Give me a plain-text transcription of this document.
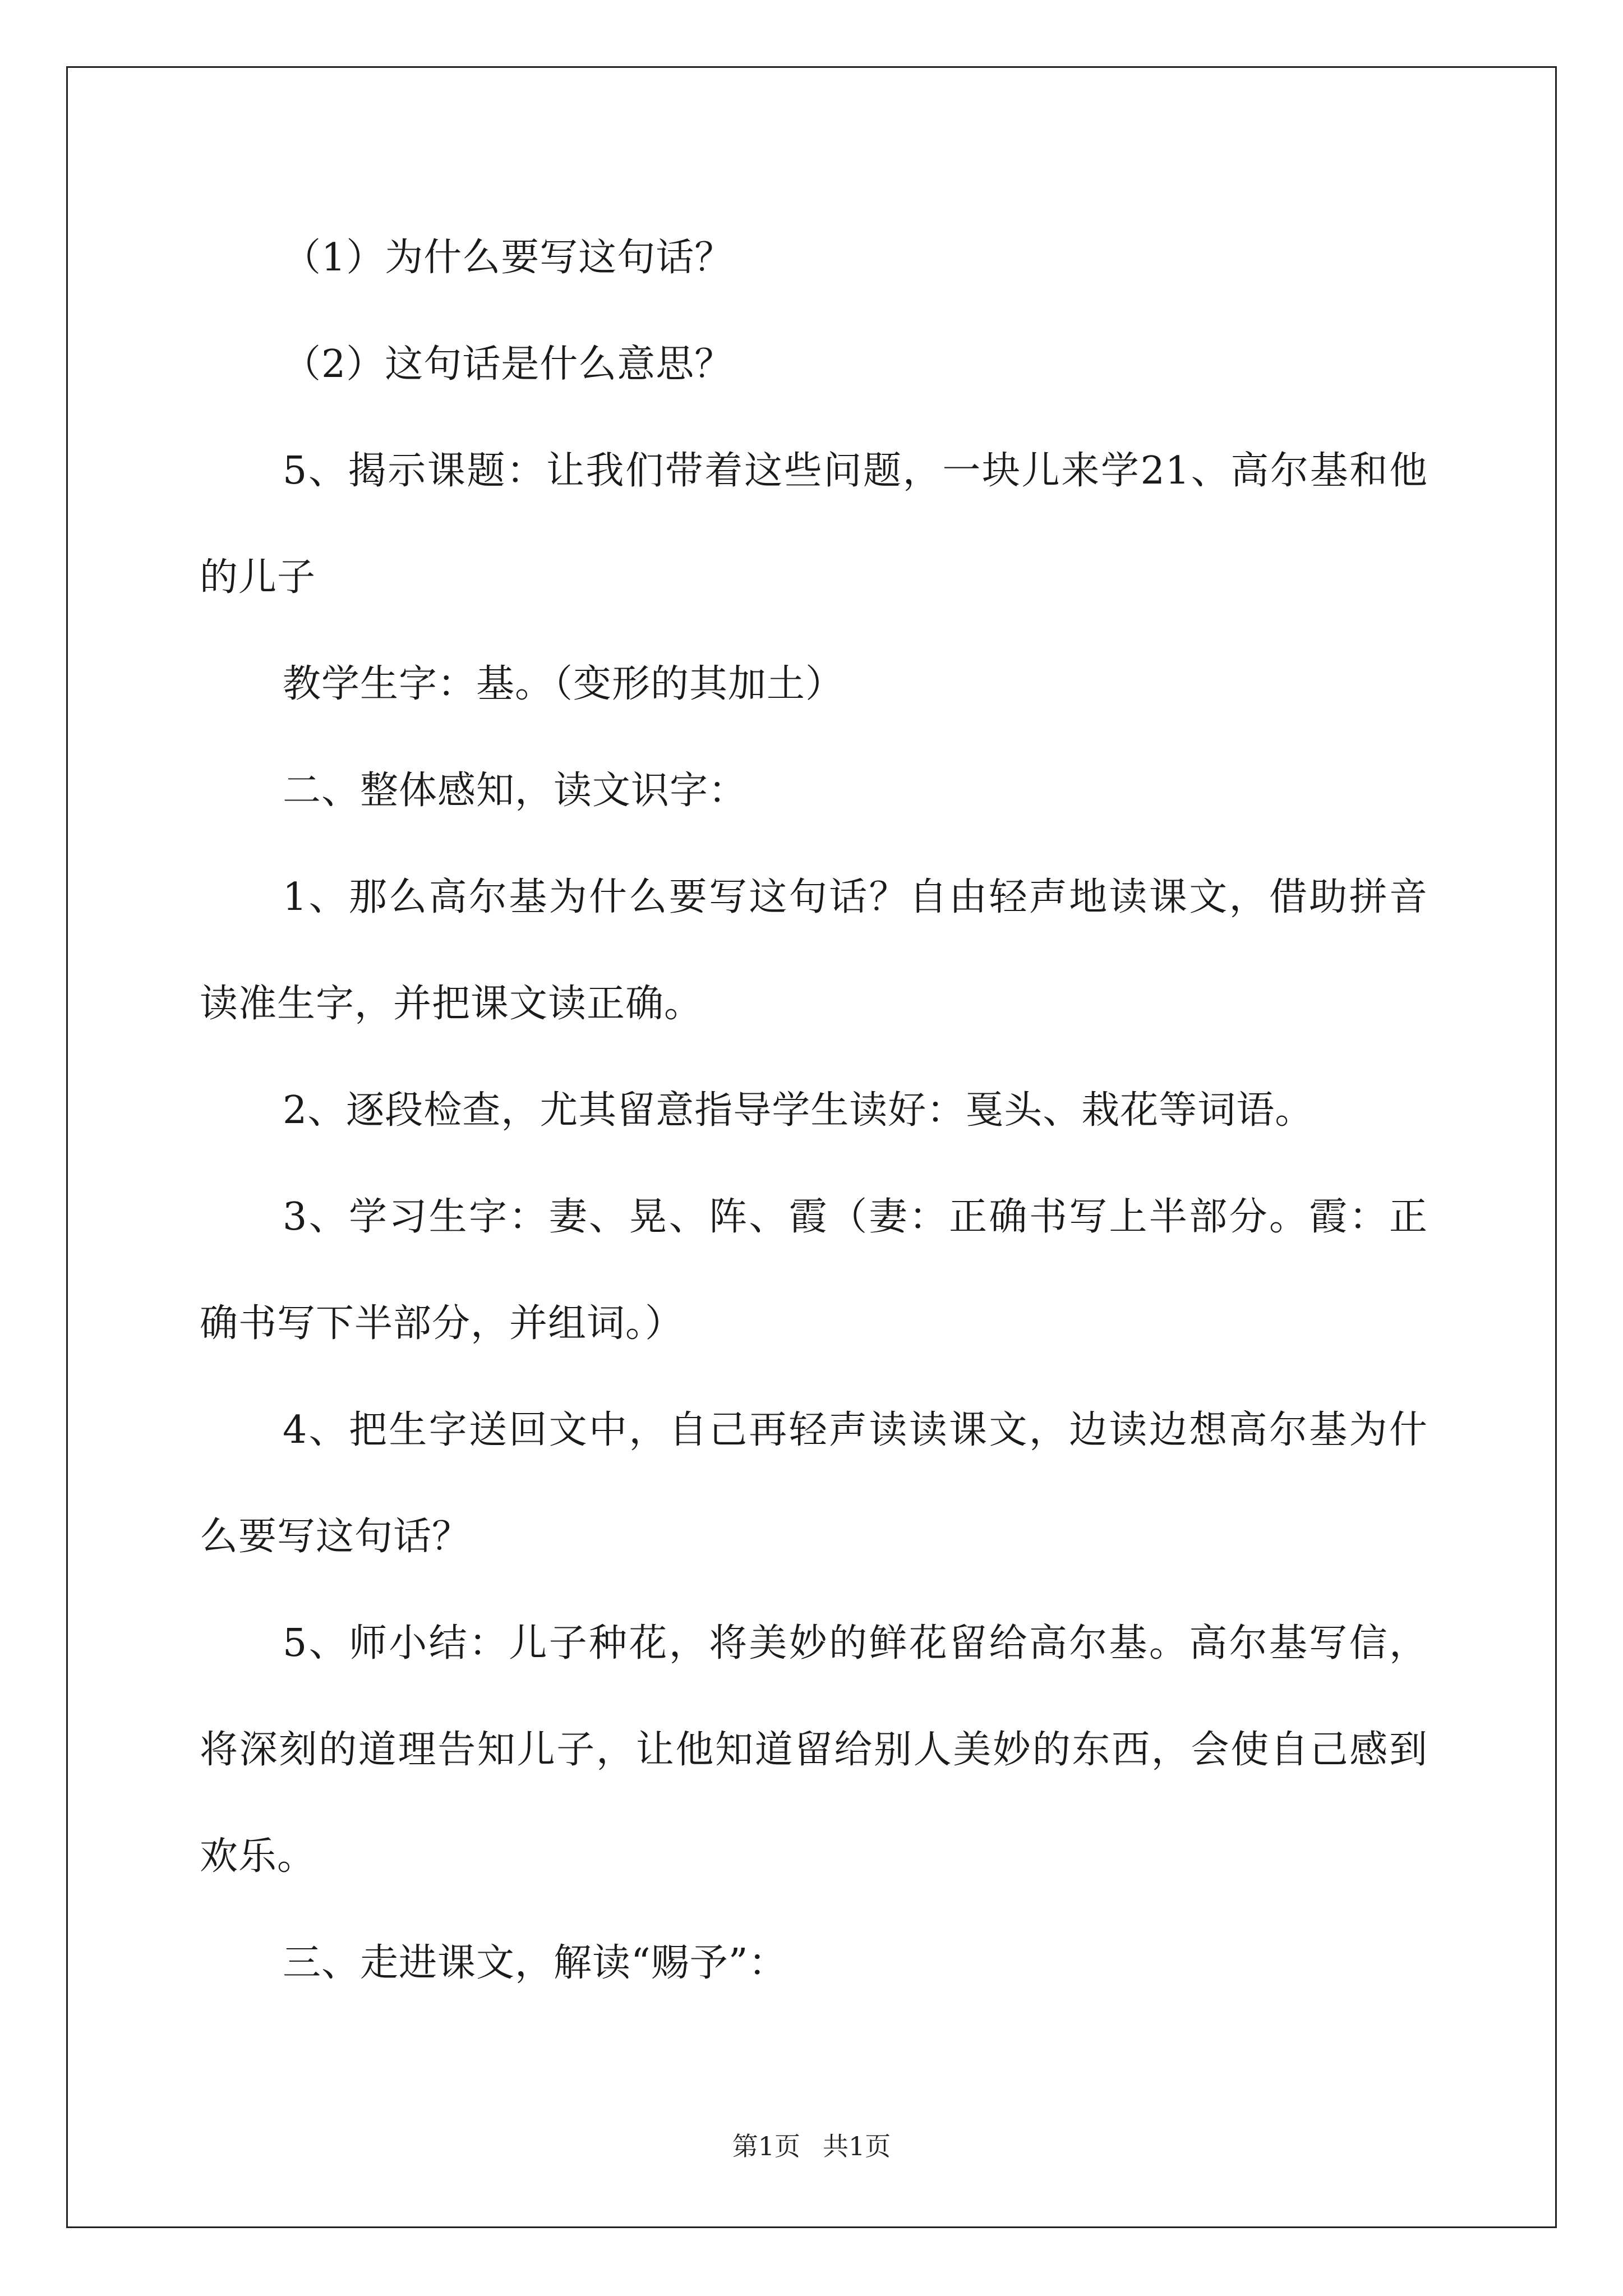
（1）为什么要写这句话？

（2）这句话是什么意思？

5、揭示课题：让我们带着这些问题，一块儿来学21、高尔基和他的儿子

教学生字：基。（变形的其加土）

二、整体感知，读文识字：

1、那么高尔基为什么要写这句话？自由轻声地读课文，借助拼音读准生字，并把课文读正确。

2、逐段检查，尤其留意指导学生读好：戛头、栽花等词语。

3、学习生字：妻、晃、阵、霞（妻：正确书写上半部分。霞：正确书写下半部分，并组词。）

4、把生字送回文中，自己再轻声读读课文，边读边想高尔基为什么要写这句话？

5、师小结：儿子种花，将美妙的鲜花留给高尔基。高尔基写信，将深刻的道理告知儿子，让他知道留给别人美妙的东西，会使自己感到欢乐。

三、走进课文，解读“赐予”：

第1页 共1页
